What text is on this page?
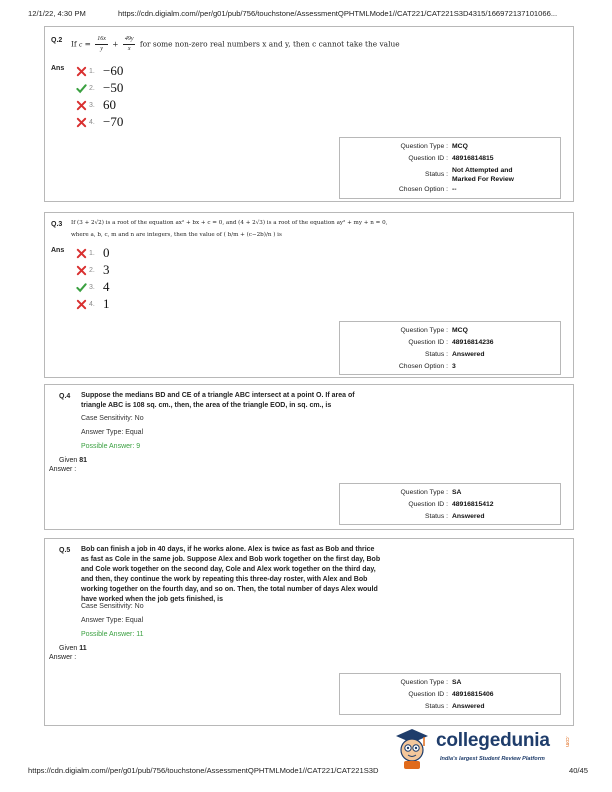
12/1/22, 4:30 PM	https://cdn.digialm.com//per/g01/pub/756/touchstone/AssessmentQPHTMLMode1//CAT221/CAT221S3D4315/166972137101066...
Q.2 If $c = \frac{16x}{y} + \frac{49y}{x}$ for some non-zero real numbers x and y, then c cannot take the value
Ans	1. −60
2. −50
3. 60
4. −70
Question Type : MCQ
Question ID : 48916814815
Status :
Not Attempted and
Marked For Review
Chosen Option : --
Q.3 If (3 + 2√2) is a root of the equation ax² + bx + c = 0, and (4 + 2√3) is a root of the equation ay² + my + n = 0,
where a, b, c, m and n are integers, then the value of ( b/m + (c−2b)/n ) is
Ans	1. 0
2. 3
3. 4
4. 1
Question Type : MCQ
Question ID : 48916814236
Status : Answered
Chosen Option : 3
Q.4 Suppose the medians BD and CE of a triangle ABC intersect at a point O. If area of triangle ABC is 108 sq. cm., then, the area of the triangle EOD, in sq. cm., is
Case Sensitivity: No
Answer Type: Equal
Possible Answer: 9
Given 81
Answer :
Question Type : SA
Question ID : 48916815412
Status : Answered
Q.5 Bob can finish a job in 40 days, if he works alone. Alex is twice as fast as Bob and thrice as fast as Cole in the same job. Suppose Alex and Bob work together on the first day, Bob and Cole work together on the second day, Cole and Alex work together on the third day, and then, they continue the work by repeating this three-day roster, with Alex and Bob working together on the fourth day, and so on. Then, the total number of days Alex would have worked when the job gets finished, is
Case Sensitivity: No
Answer Type: Equal
Possible Answer: 11
Given 11
Answer :
Question Type : SA
Question ID : 48916815406
Status : Answered
collegedunia	.com
India's largest Student Review Platform
https://cdn.digialm.com//per/g01/pub/756/touchstone/AssessmentQPHTMLMode1//CAT221/CAT221S3D	40/45
